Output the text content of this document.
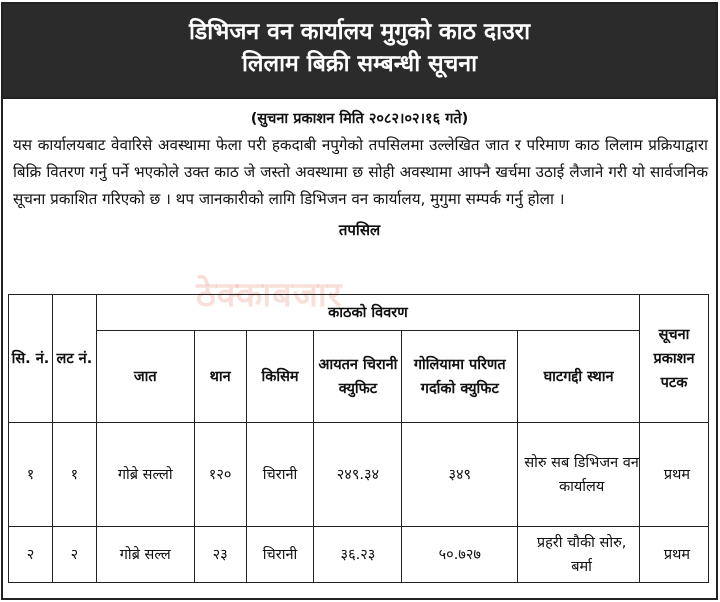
डिभिजन वन कार्यालय मुगुको काठ दाउरा
लिलाम बिक्री सम्बन्धी सूचना
(सुचना प्रकाशन मिति २०८२।०२।१६ गते)
यस कार्यालयबाट वेवारिसे अवस्थामा फेला परी हकदाबी नपुगेको तपसिलमा उल्लेखित जात र परिमाण काठ लिलाम प्रक्रियाद्वारा बिक्रि वितरण गर्नु पर्ने भएकोले उक्त काठ जे जस्तो अवस्थामा छ सोही अवस्थामा आफ्नै खर्चमा उठाई लैजाने गरी यो सार्वजनिक सूचना प्रकाशित गरिएको छ । थप जानकारीको लागि डिभिजन वन कार्यालय, मुगुमा सम्पर्क गर्नु होला ।
तपसिल
ठेक्काबजार
सि. नं.	लट नं.	काठको विवरण						सूचना प्रकाशन पटक
		जात	थान	किसिम	आयतन चिरानी क्युफिट	गोलियामा परिणत गर्दाको क्युफिट	घाटगद्दी स्थान	
१	१	गोब्रे सल्लो	१२०	चिरानी	२४९.३४	३४९	सोरु सब डिभिजन वन कार्यालय	प्रथम
२	२	गोब्रे सल्ल	२३	चिरानी	३६.२३	५०.७२७	प्रहरी चौकी सोरु, बर्मा	प्रथम
